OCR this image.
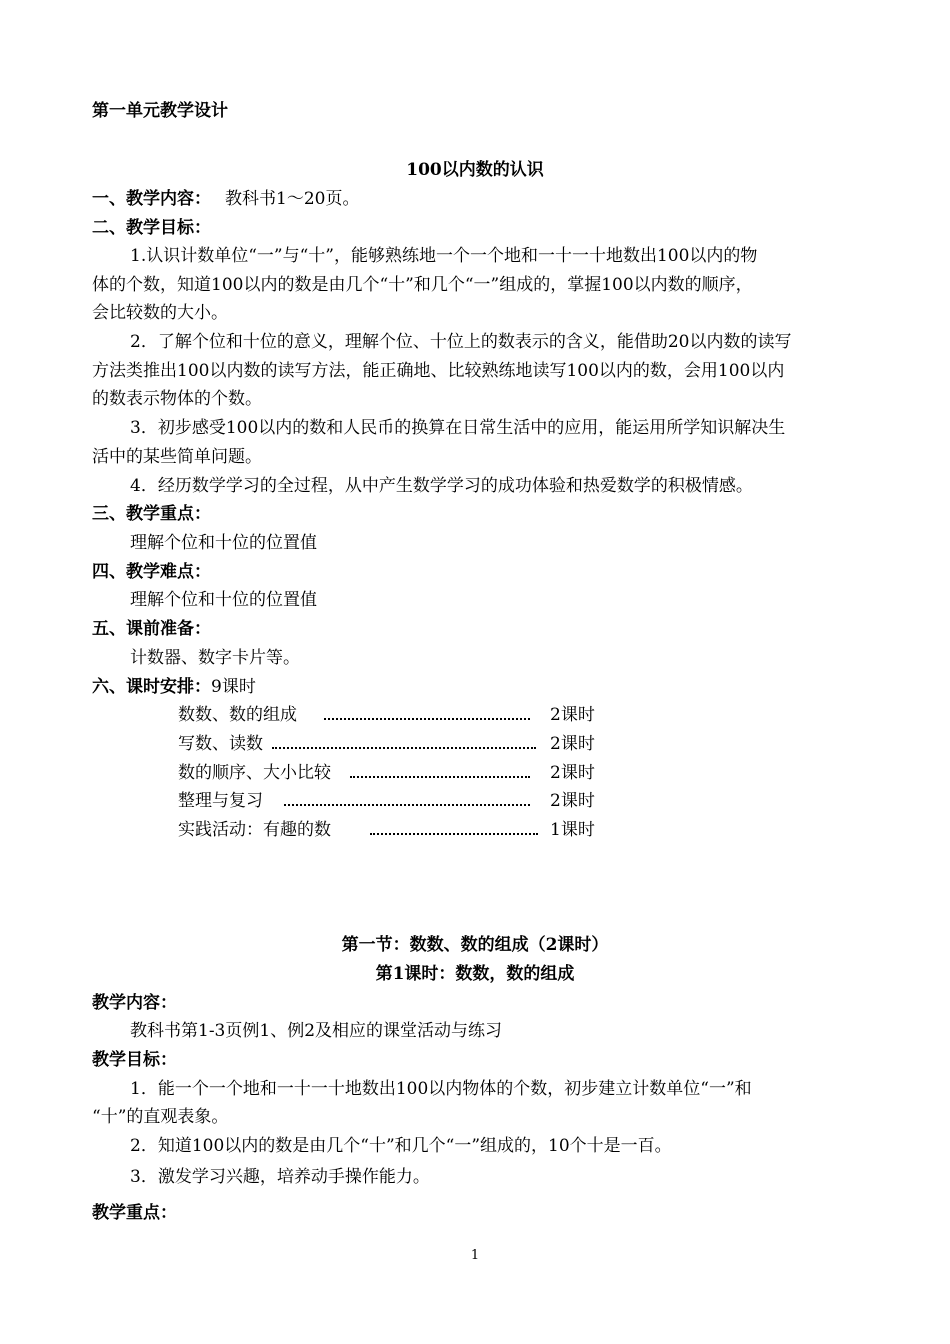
第一单元教学设计
100以内数的认识
一、教学内容： 教科书1～20页。
二、教学目标：
1.认识计数单位“一”与“十”，能够熟练地一个一个地和一十一十地数出100以内的物
体的个数，知道100以内的数是由几个“十”和几个“一”组成的，掌握100以内数的顺序，
会比较数的大小。
2．了解个位和十位的意义，理解个位、十位上的数表示的含义，能借助20以内数的读写
方法类推出100以内数的读写方法，能正确地、比较熟练地读写100以内的数，会用100以内
的数表示物体的个数。
3．初步感受100以内的数和人民币的换算在日常生活中的应用，能运用所学知识解决生
活中的某些简单问题。
4．经历数学学习的全过程，从中产生数学学习的成功体验和热爱数学的积极情感。
三、教学重点：
理解个位和十位的位置值
四、教学难点：
理解个位和十位的位置值
五、课前准备：
计数器、数字卡片等。
六、课时安排：9课时
数数、数的组成	2课时
写数、读数	2课时
数的顺序、大小比较	2课时
整理与复习	2课时
实践活动：有趣的数	1课时
第一节：数数、数的组成（2课时）
第1课时：数数，数的组成
教学内容：
教科书第1-3页例1、例2及相应的课堂活动与练习
教学目标：
1．能一个一个地和一十一十地数出100以内物体的个数，初步建立计数单位“一”和
“十”的直观表象。
2．知道100以内的数是由几个“十”和几个“一”组成的，10个十是一百。
3．激发学习兴趣，培养动手操作能力。
教学重点：
1
